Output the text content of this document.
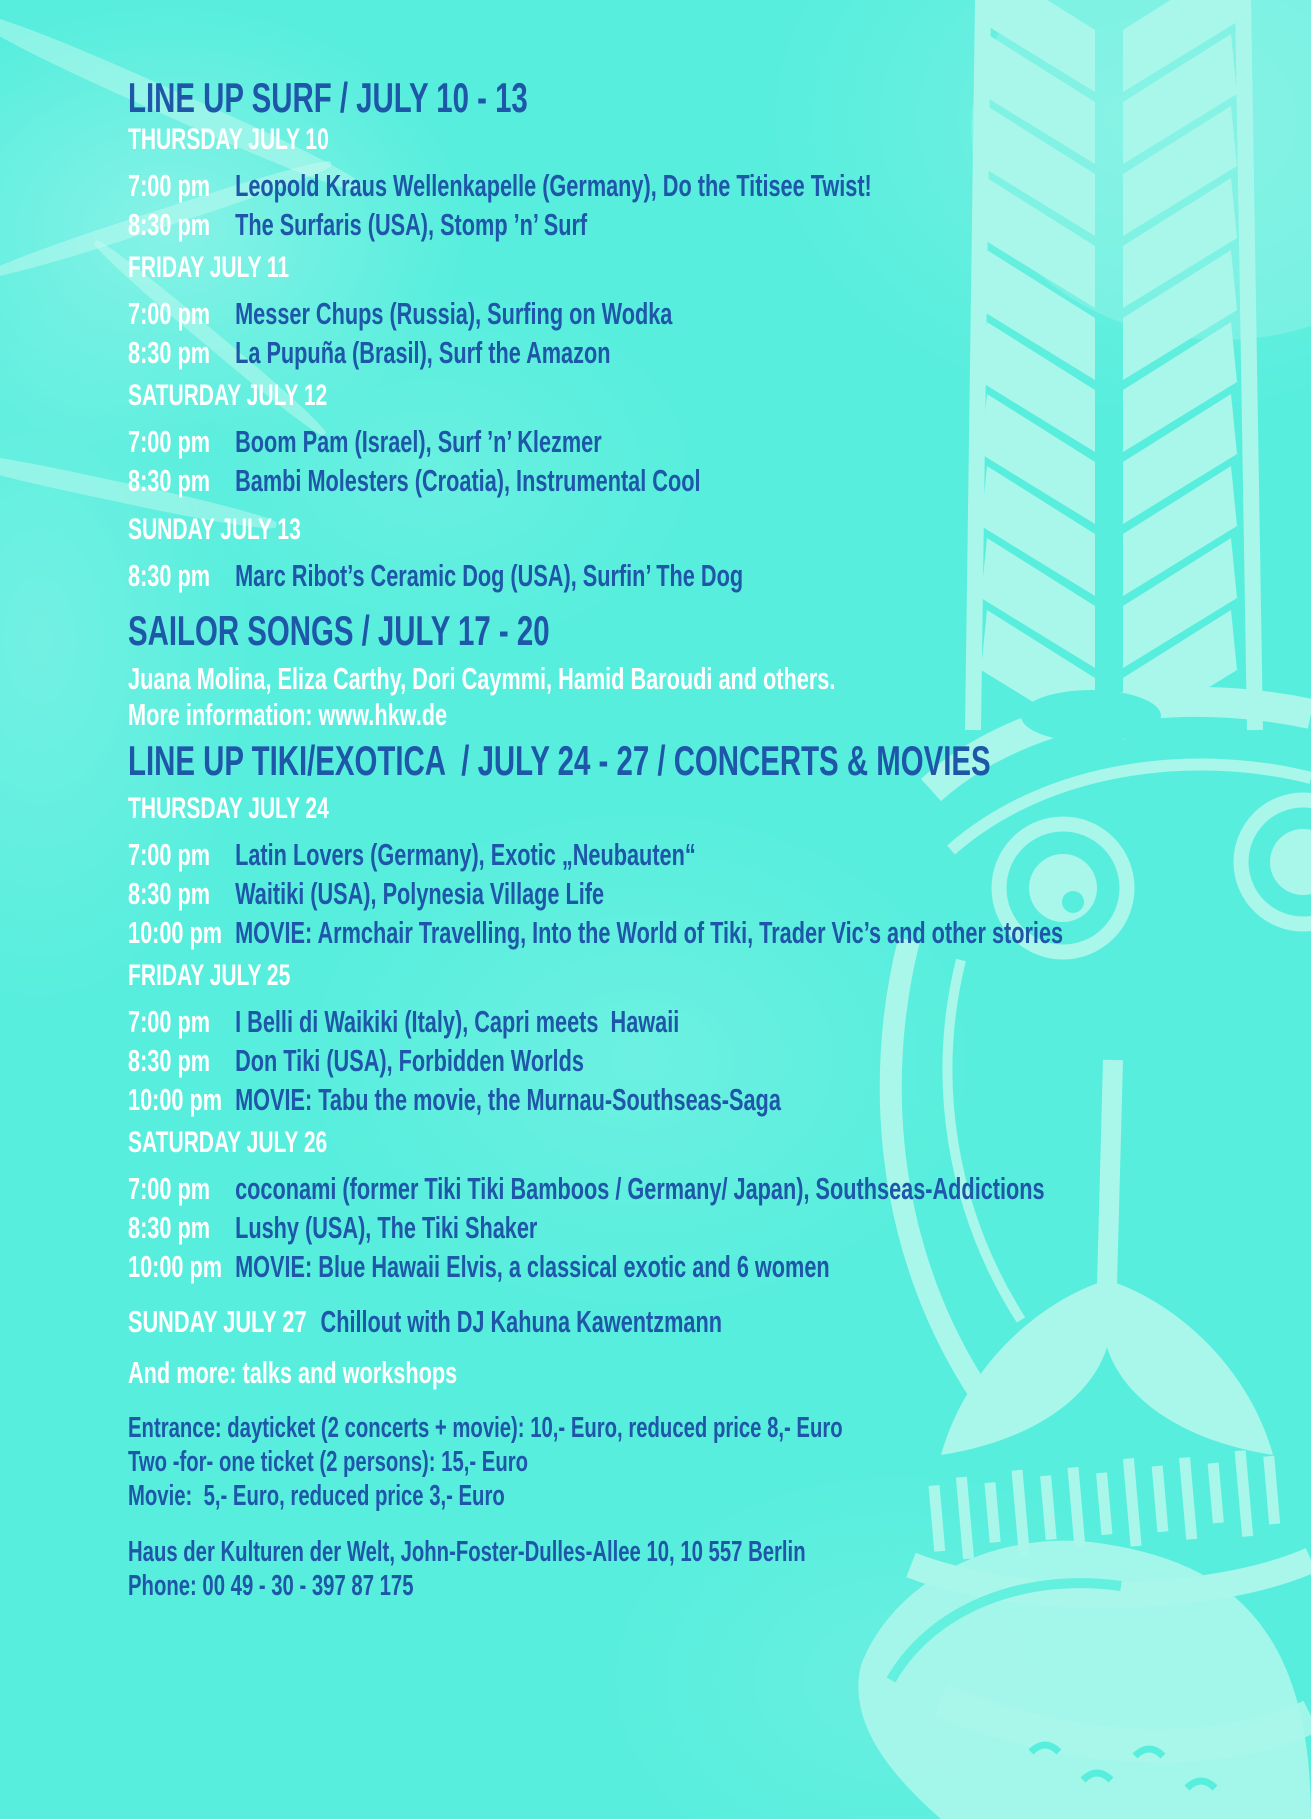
LINE UP SURF / JULY 10 - 13
THURSDAY JULY 10
7:00 pm Leopold Kraus Wellenkapelle (Germany), Do the Titisee Twist!
8:30 pm The Surfaris (USA), Stomp ’n’ Surf
FRIDAY JULY 11
7:00 pm Messer Chups (Russia), Surfing on Wodka
8:30 pm La Pupuña (Brasil), Surf the Amazon
SATURDAY JULY 12
7:00 pm Boom Pam (Israel), Surf ’n’ Klezmer
8:30 pm Bambi Molesters (Croatia), Instrumental Cool
SUNDAY JULY 13
8:30 pm Marc Ribot’s Ceramic Dog (USA), Surfin’ The Dog
SAILOR SONGS / JULY 17 - 20
Juana Molina, Eliza Carthy, Dori Caymmi, Hamid Baroudi and others.
More information: www.hkw.de
LINE UP TIKI/EXOTICA  / JULY 24 - 27 / CONCERTS & MOVIES
THURSDAY JULY 24
7:00 pm Latin Lovers (Germany), Exotic „Neubauten“
8:30 pm Waitiki (USA), Polynesia Village Life
10:00 pm MOVIE: Armchair Travelling, Into the World of Tiki, Trader Vic’s and other stories
FRIDAY JULY 25
7:00 pm I Belli di Waikiki (Italy), Capri meets  Hawaii
8:30 pm Don Tiki (USA), Forbidden Worlds
10:00 pm MOVIE: Tabu the movie, the Murnau-Southseas-Saga
SATURDAY JULY 26
7:00 pm coconami (former Tiki Tiki Bamboos / Germany/ Japan), Southseas-Addictions
8:30 pm Lushy (USA), The Tiki Shaker
10:00 pm MOVIE: Blue Hawaii Elvis, a classical exotic and 6 women
SUNDAY JULY 27 Chillout with DJ Kahuna Kawentzmann
And more: talks and workshops
Entrance: dayticket (2 concerts + movie): 10,- Euro, reduced price 8,- Euro
Two -for- one ticket (2 persons): 15,- Euro
Movie:  5,- Euro, reduced price 3,- Euro
Haus der Kulturen der Welt, John-Foster-Dulles-Allee 10, 10 557 Berlin
Phone: 00 49 - 30 - 397 87 175
